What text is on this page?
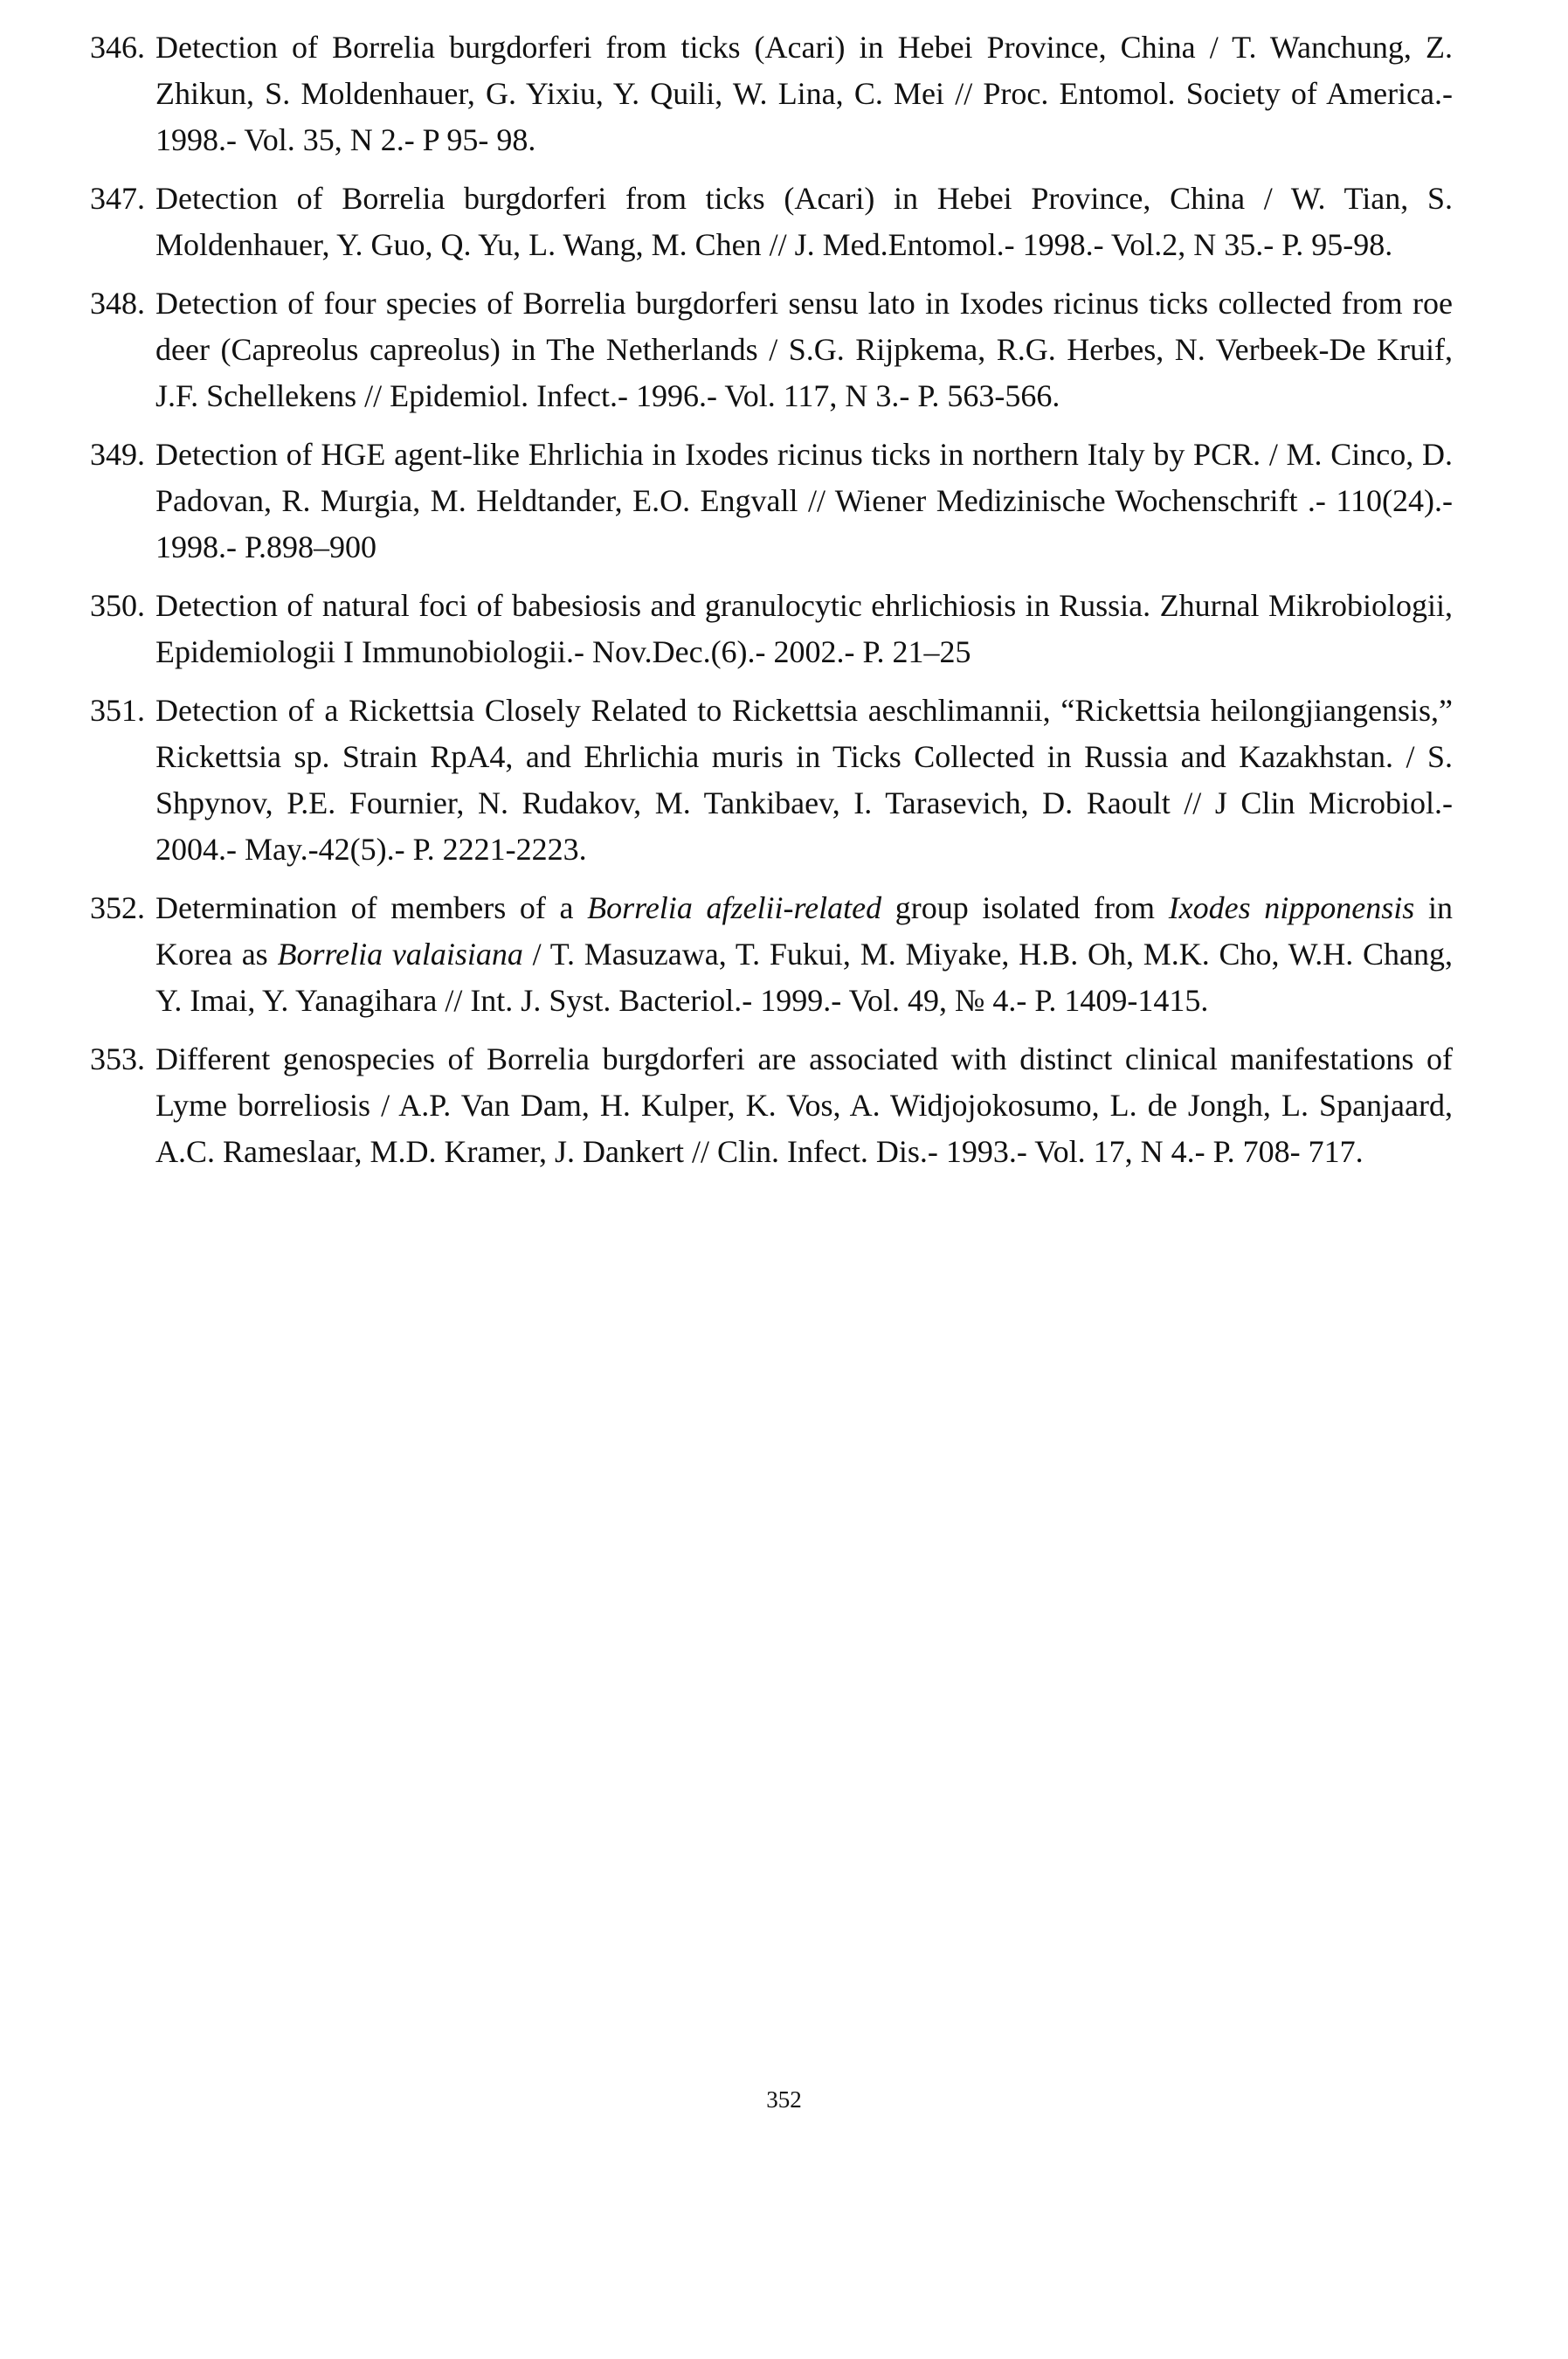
346. Detection of Borrelia burgdorferi from ticks (Acari) in Hebei Province, China / T. Wanchung, Z. Zhikun, S. Moldenhauer, G. Yixiu, Y. Quili, W. Lina, C. Mei // Proc. Entomol. Society of America.- 1998.- Vol. 35, N 2.- P 95- 98.
347. Detection of Borrelia burgdorferi from ticks (Acari) in Hebei Province, China / W. Tian, S. Moldenhauer, Y. Guo, Q. Yu, L. Wang, M. Chen // J. Med.Entomol.- 1998.- Vol.2, N 35.- P. 95-98.
348. Detection of four species of Borrelia burgdorferi sensu lato in Ixodes ricinus ticks collected from roe deer (Capreolus capreolus) in The Netherlands / S.G. Rijpkema, R.G. Herbes, N. Verbeek-De Kruif, J.F. Schellekens // Epidemiol. Infect.- 1996.- Vol. 117, N 3.- P. 563-566.
349. Detection of HGE agent-like Ehrlichia in Ixodes ricinus ticks in northern Italy by PCR. / M. Cinco, D. Padovan, R. Murgia, M. Heldtander, E.O. Engvall // Wiener Medizinische Wochenschrift .- 110(24).- 1998.- P.898–900
350. Detection of natural foci of babesiosis and granulocytic ehrlichiosis in Russia. Zhurnal Mikrobiologii, Epidemiologii I Immunobiologii.- Nov.Dec.(6).- 2002.- P. 21–25
351. Detection of a Rickettsia Closely Related to Rickettsia aeschlimannii, “Rickettsia heilongjiangensis,” Rickettsia sp. Strain RpA4, and Ehrlichia muris in Ticks Collected in Russia and Kazakhstan. / S. Shpynov, P.E. Fournier, N. Rudakov, M. Tankibaev, I. Tarasevich, D. Raoult // J Clin Microbiol.- 2004.- May.-42(5).- P. 2221-2223.
352. Determination of members of a Borrelia afzelii-related group isolated from Ixodes nipponensis in Korea as Borrelia valaisiana / T. Masuzawa, T. Fukui, M. Miyake, H.B. Oh, M.K. Cho, W.H. Chang, Y. Imai, Y. Yanagihara // Int. J. Syst. Bacteriol.- 1999.- Vol. 49, № 4.- P. 1409-1415.
353. Different genospecies of Borrelia burgdorferi are associated with distinct clinical manifestations of Lyme borreliosis / A.P. Van Dam, H. Kulper, K. Vos, A. Widjojokosumo, L. de Jongh, L. Spanjaard, A.C. Rameslaar, M.D. Kramer, J. Dankert // Clin. Infect. Dis.- 1993.- Vol. 17, N 4.- P. 708- 717.
352
